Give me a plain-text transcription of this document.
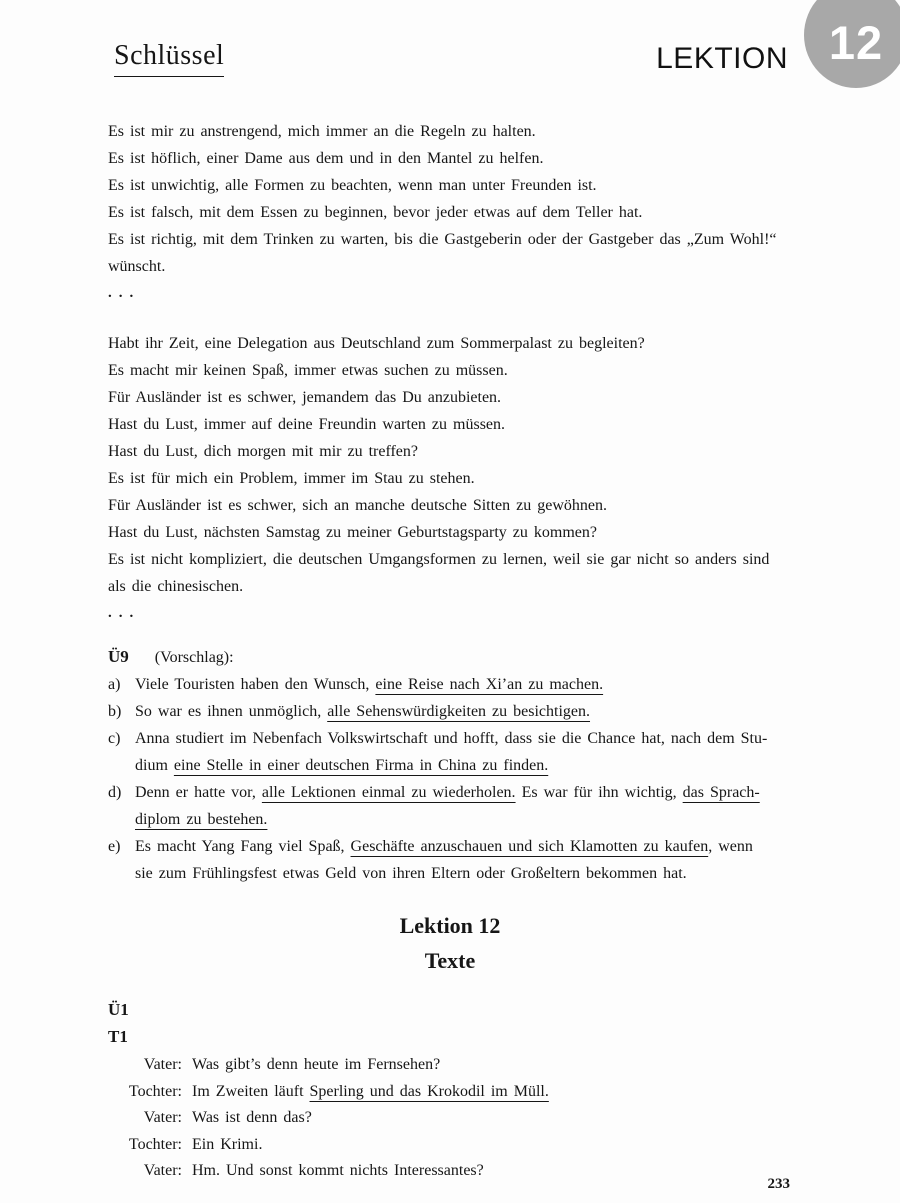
Schlüssel	LEKTION 12
Es ist mir zu anstrengend, mich immer an die Regeln zu halten.
Es ist höflich, einer Dame aus dem und in den Mantel zu helfen.
Es ist unwichtig, alle Formen zu beachten, wenn man unter Freunden ist.
Es ist falsch, mit dem Essen zu beginnen, bevor jeder etwas auf dem Teller hat.
Es ist richtig, mit dem Trinken zu warten, bis die Gastgeberin oder der Gastgeber das „Zum Wohl!“
wünscht.
...
Habt ihr Zeit, eine Delegation aus Deutschland zum Sommerpalast zu begleiten?
Es macht mir keinen Spaß, immer etwas suchen zu müssen.
Für Ausländer ist es schwer, jemandem das Du anzubieten.
Hast du Lust, immer auf deine Freundin warten zu müssen.
Hast du Lust, dich morgen mit mir zu treffen?
Es ist für mich ein Problem, immer im Stau zu stehen.
Für Ausländer ist es schwer, sich an manche deutsche Sitten zu gewöhnen.
Hast du Lust, nächsten Samstag zu meiner Geburtstagsparty zu kommen?
Es ist nicht kompliziert, die deutschen Umgangsformen zu lernen, weil sie gar nicht so anders sind
als die chinesischen.
...
Ü9 (Vorschlag):
a) Viele Touristen haben den Wunsch, eine Reise nach Xi’an zu machen.
b) So war es ihnen unmöglich, alle Sehenswürdigkeiten zu besichtigen.
c) Anna studiert im Nebenfach Volkswirtschaft und hofft, dass sie die Chance hat, nach dem Stu-
dium eine Stelle in einer deutschen Firma in China zu finden.
d) Denn er hatte vor, alle Lektionen einmal zu wiederholen. Es war für ihn wichtig, das Sprach-
diplom zu bestehen.
e) Es macht Yang Fang viel Spaß, Geschäfte anzuschauen und sich Klamotten zu kaufen, wenn
sie zum Frühlingsfest etwas Geld von ihren Eltern oder Großeltern bekommen hat.
Lektion 12
Texte
Ü1
T1
Vater: Was gibt’s denn heute im Fernsehen?
Tochter: Im Zweiten läuft Sperling und das Krokodil im Müll.
Vater: Was ist denn das?
Tochter: Ein Krimi.
Vater: Hm. Und sonst kommt nichts Interessantes?
233
